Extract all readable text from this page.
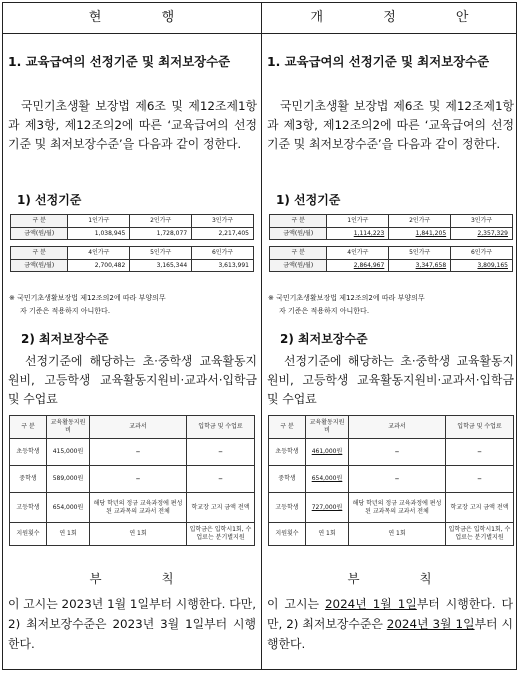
현 행
1. 교육급여의 선정기준 및 최저보장수준
국민기초생활 보장법 제6조 및 제12조제1항과 제3항, 제12조의2에 따른 ‘교육급여의 선정기준 및 최저보장수준’을 다음과 같이 정한다.
1) 선정기준
구 분	1인가구	2인가구	3인가구
금액(원/월)	1,038,945	1,728,077	2,217,405

구 분	4인가구	5인가구	6인가구
금액(원/월)	2,700,482	3,165,344	3,613,991
※ 국민기초생활보장법 제12조의2에 따라 부양의무
자 기준은 적용하지 아니한다.
2) 최저보장수준
선정기준에 해당하는 초·중학생 교육활동지원비, 고등학생 교육활동지원비·교과서·입학금 및 수업료
구 분	교육활동지원비	교과서	입학금 및 수업료
초등학생	415,000원	–	–
중학생	589,000원	–	–
고등학생	654,000원	해당 학년의 정규 교육과정에 편성된 교과목의 교과서 전체	학교장 고지 금액 전액
지원횟수	연 1회	연 1회	입학금은 입학시1회, 수업료는 분기별지원
부 칙
이 고시는 2023년 1월 1일부터 시행한다. 다만, 2) 최저보장수준은 2023년 3월 1일부터 시행한다.
개 정 안
1. 교육급여의 선정기준 및 최저보장수준
국민기초생활 보장법 제6조 및 제12조제1항과 제3항, 제12조의2에 따른 ‘교육급여의 선정기준 및 최저보장수준’을 다음과 같이 정한다.
1) 선정기준
구 분	1인가구	2인가구	3인가구
금액(원/월)	1,114,223	1,841,205	2,357,329

구 분	4인가구	5인가구	6인가구
금액(원/월)	2,864,967	3,347,658	3,809,165
※ 국민기초생활보장법 제12조의2에 따라 부양의무
자 기준은 적용하지 아니한다.
2) 최저보장수준
선정기준에 해당하는 초·중학생 교육활동지원비, 고등학생 교육활동지원비·교과서·입학금 및 수업료
구 분	교육활동지원비	교과서	입학금 및 수업료
초등학생	461,000원	–	–
중학생	654,000원	–	–
고등학생	727,000원	해당 학년의 정규 교육과정에 편성된 교과목의 교과서 전체	학교장 고지 금액 전액
지원횟수	연 1회	연 1회	입학금은 입학시1회, 수업료는 분기별지원
부 칙
이 고시는 2024년 1월 1일부터 시행한다. 다만, 2) 최저보장수준은 2024년 3월 1일부터 시행한다.
